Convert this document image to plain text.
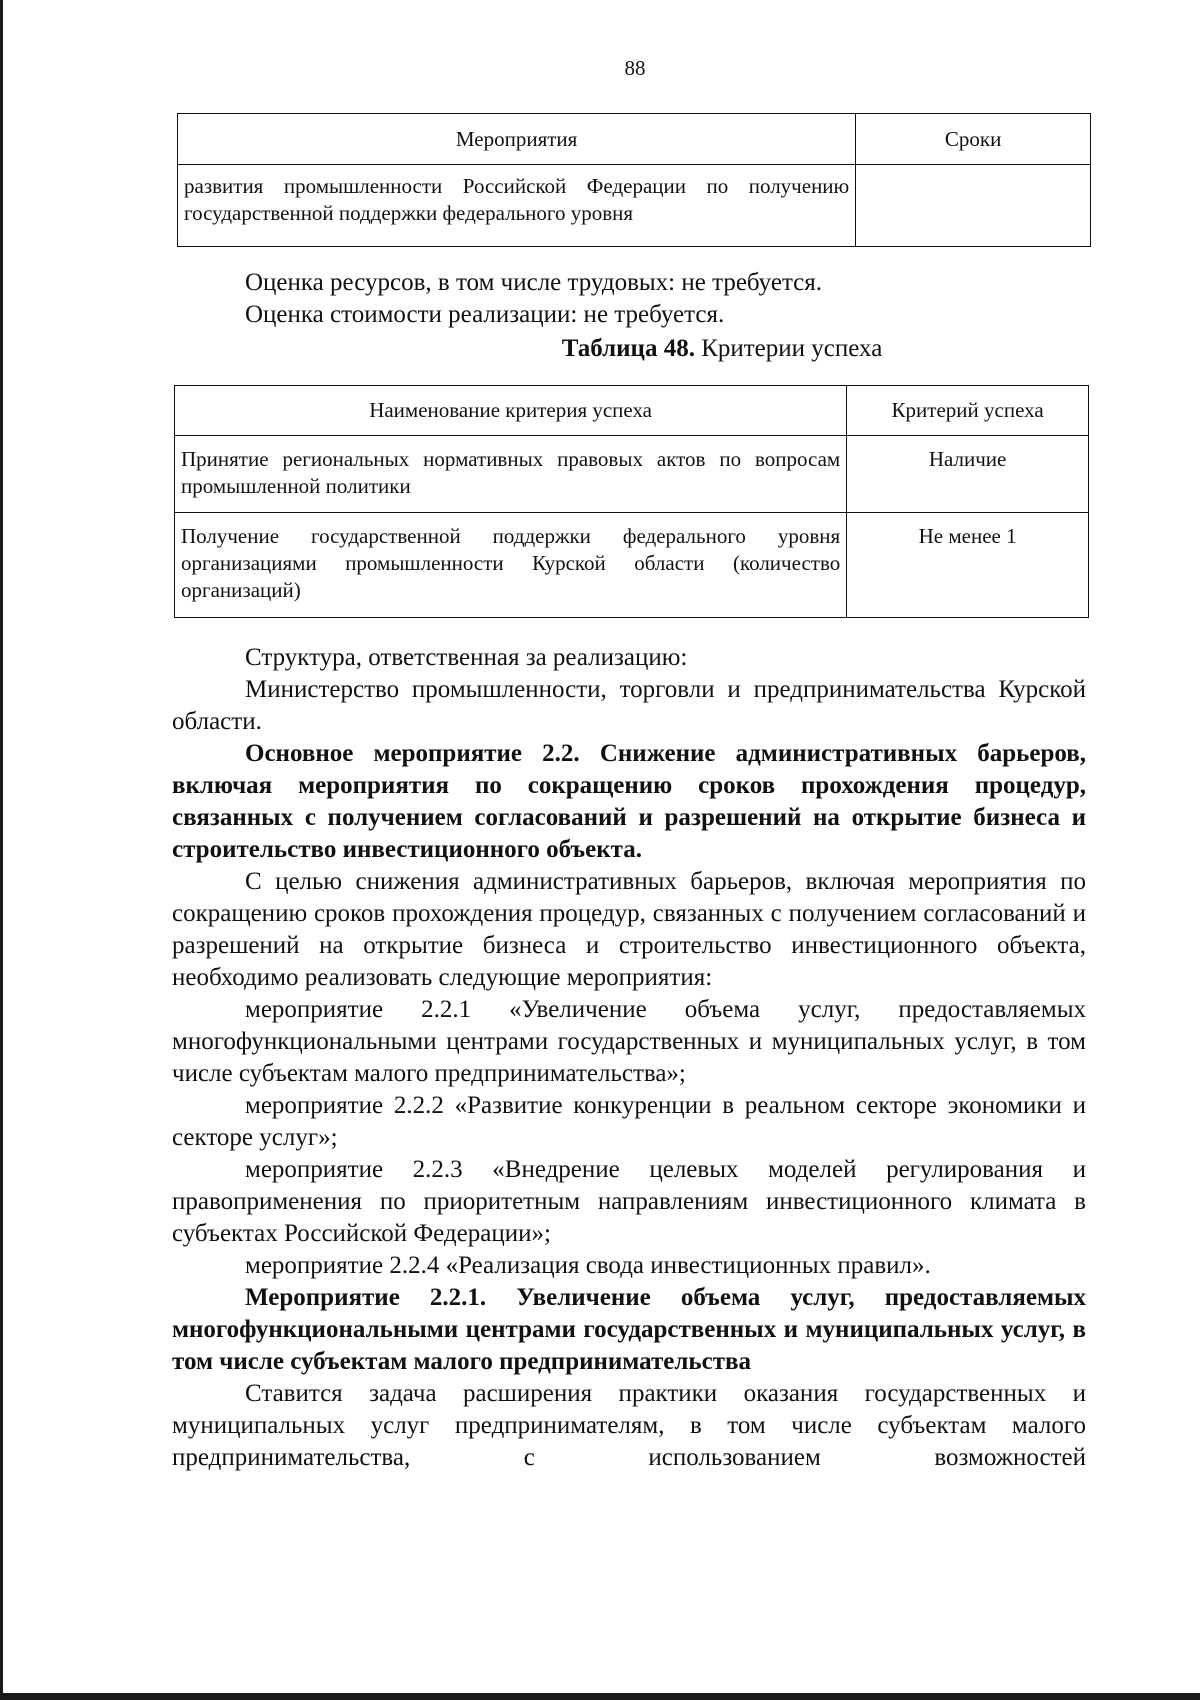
88
Мероприятия	Сроки
развития промышленности Российской Федерации по получению государственной поддержки федерального уровня	

Оценка ресурсов, в том числе трудовых: не требуется.

Оценка стоимости реализации: не требуется.

Таблица 48. Критерии успеха
Наименование критерия успеха	Критерий успеха
Принятие региональных нормативных правовых актов по вопросам промышленной политики	Наличие
Получение государственной поддержки федерального уровня организациями промышленности Курской области (количество организаций)	Не менее 1

Структура, ответственная за реализацию:

Министерство промышленности, торговли и предпринимательства Курской области.

Основное мероприятие 2.2. Снижение административных барьеров, включая мероприятия по сокращению сроков прохождения процедур, связанных с получением согласований и разрешений на открытие бизнеса и строительство инвестиционного объекта.

С целью снижения административных барьеров, включая мероприятия по сокращению сроков прохождения процедур, связанных с получением согласований и разрешений на открытие бизнеса и строительство инвестиционного объекта, необходимо реализовать следующие мероприятия:

мероприятие 2.2.1 «Увеличение объема услуг, предоставляемых многофункциональными центрами государственных и муниципальных услуг, в том числе субъектам малого предпринимательства»;

мероприятие 2.2.2 «Развитие конкуренции в реальном секторе экономики и секторе услуг»;

мероприятие 2.2.3 «Внедрение целевых моделей регулирования и правоприменения по приоритетным направлениям инвестиционного климата в субъектах Российской Федерации»;

мероприятие 2.2.4 «Реализация свода инвестиционных правил».

Мероприятие 2.2.1. Увеличение объема услуг, предоставляемых многофункциональными центрами государственных и муниципальных услуг, в том числе субъектам малого предпринимательства

Ставится задача расширения практики оказания государственных и муниципальных услуг предпринимателям, в том числе субъектам малого предпринимательства, с использованием возможностей
